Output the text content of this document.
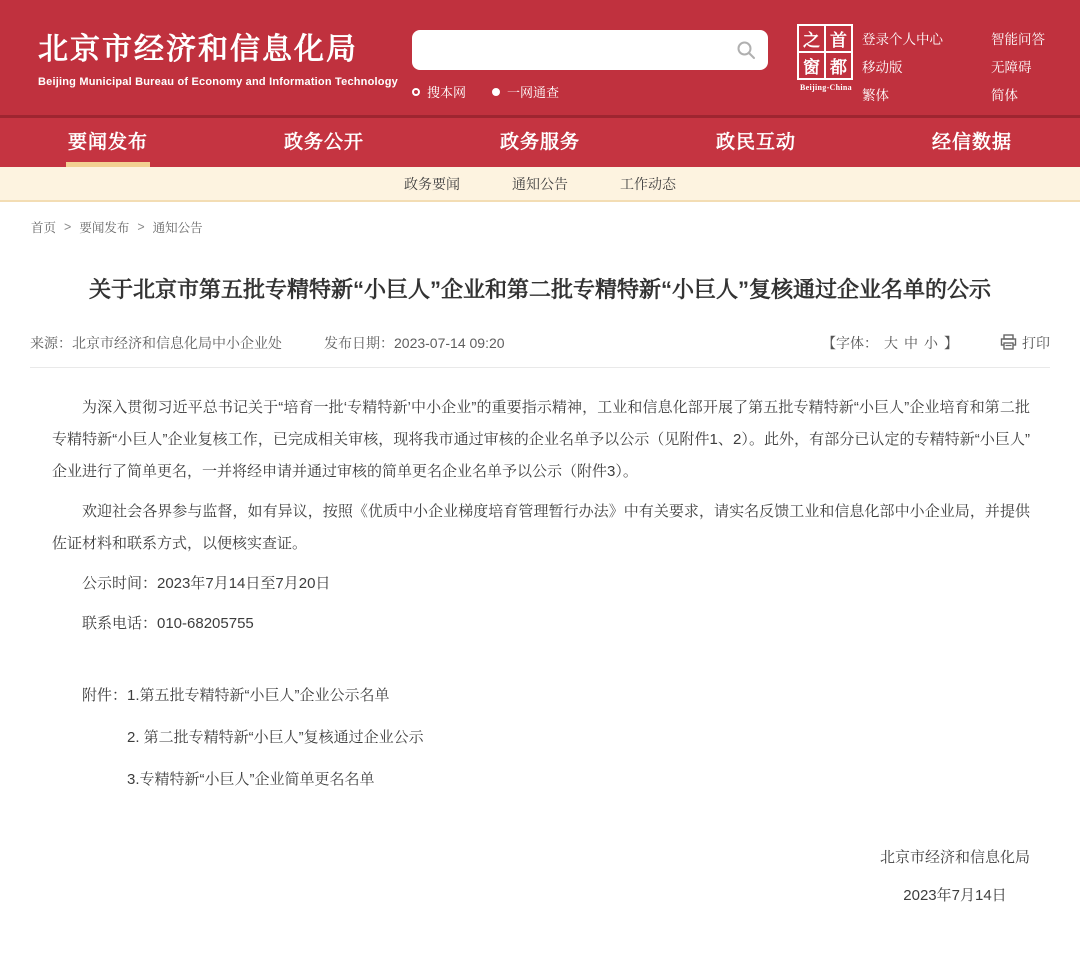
北京市经济和信息化局
Beijing Municipal Bureau of Economy and Information Technology
搜本网	一网通查
之 首
窗 都
Beijing-China
登录个人中心
移动版
繁体
智能问答
无障碍
简体
要闻发布	政务公开	政务服务	政民互动	经信数据
政务要闻	通知公告	工作动态
首页 > 要闻发布 > 通知公告
关于北京市第五批专精特新“小巨人”企业和第二批专精特新“小巨人”复核通过企业名单的公示
来源： 北京市经济和信息化局中小企业处	发布日期： 2023-07-14 09:20	【字体： 大 中 小 】	打印

为深入贯彻习近平总书记关于“培育一批‘专精特新’中小企业”的重要指示精神，工业和信息化部开展了第五批专精特新“小巨人”企业培育和第二批专精特新“小巨人”企业复核工作，已完成相关审核，现将我市通过审核的企业名单予以公示（见附件1、2）。此外，有部分已认定的专精特新“小巨人”企业进行了简单更名，一并将经申请并通过审核的简单更名企业名单予以公示（附件3）。

欢迎社会各界参与监督，如有异议，按照《优质中小企业梯度培育管理暂行办法》中有关要求，请实名反馈工业和信息化部中小企业局，并提供佐证材料和联系方式，以便核实查证。

公示时间：2023年7月14日至7月20日

联系电话：010-68205755

附件：1.第五批专精特新“小巨人”企业公示名单
2. 第二批专精特新“小巨人”复核通过企业公示
3.专精特新“小巨人”企业简单更名名单
北京市经济和信息化局
2023年7月14日
